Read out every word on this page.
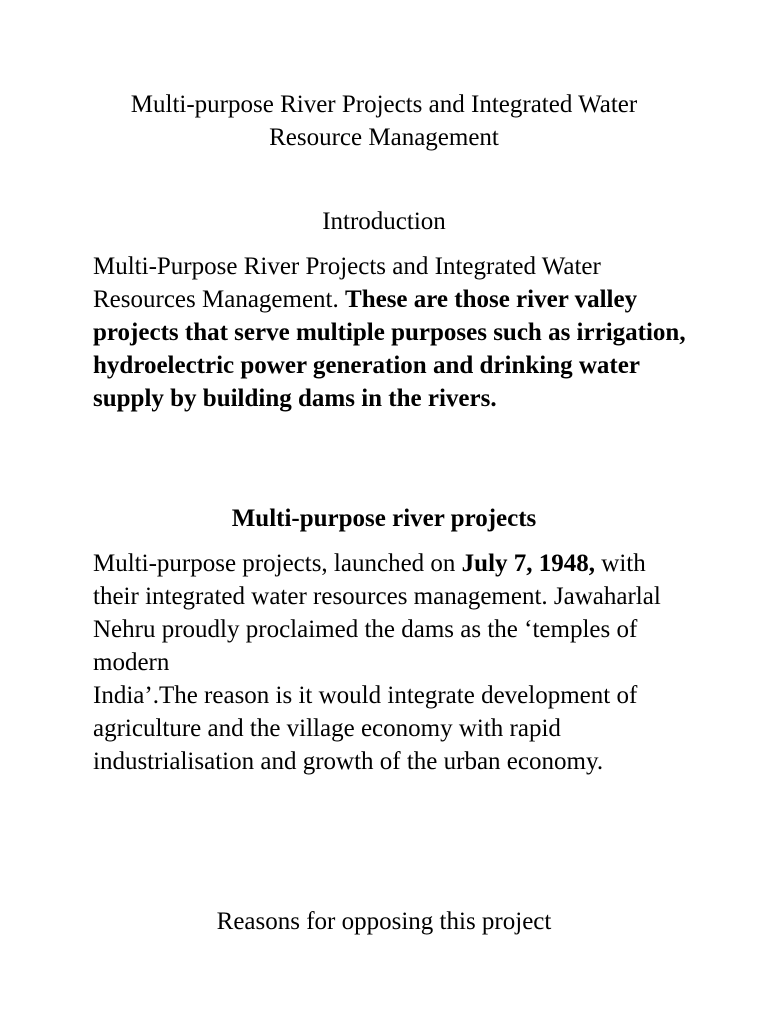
Multi-purpose River Projects and Integrated Water
Resource Management
Introduction

Multi-Purpose River Projects and Integrated Water Resources Management. These are those river valley projects that serve multiple purposes such as irrigation, hydroelectric power generation and drinking water supply by building dams in the rivers.

Multi-purpose river projects

Multi-purpose projects, launched on July 7, 1948, with their integrated water resources management. Jawaharlal Nehru proudly proclaimed the dams as the ‘temples of modern
India’.The reason is it would integrate development of agriculture and the village economy with rapid industrialisation and growth of the urban economy.

Reasons for opposing this project
